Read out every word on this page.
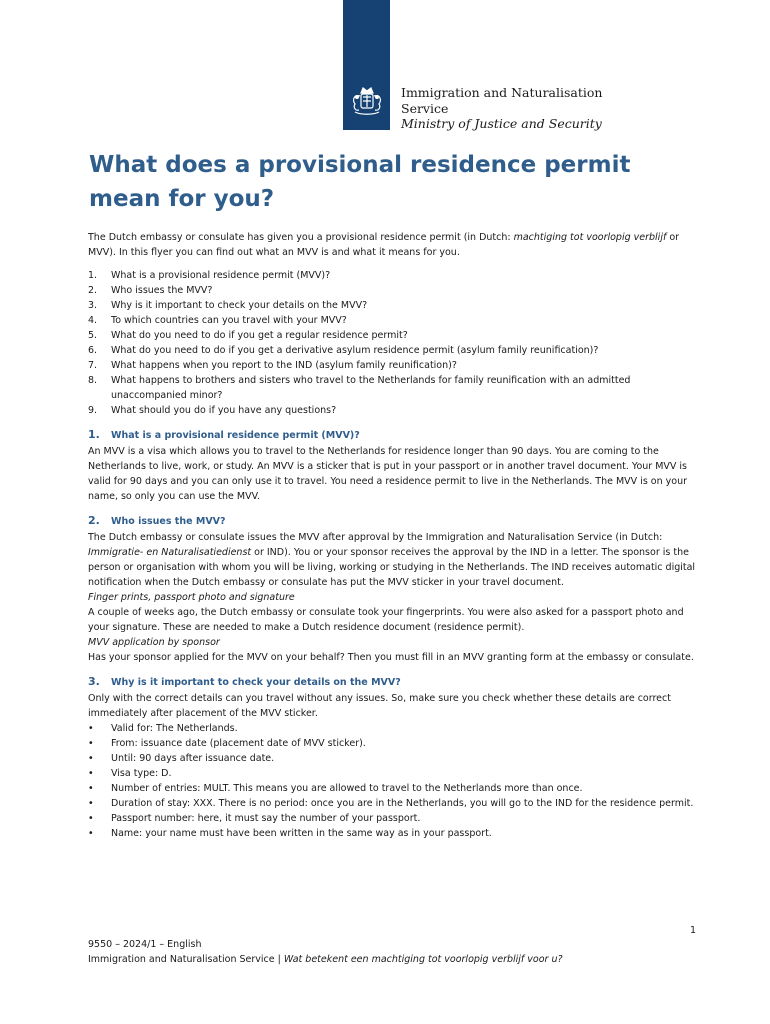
Immigration and Naturalisation
Service
Ministry of Justice and Security
What does a provisional residence permit mean for you?

The Dutch embassy or consulate has given you a provisional residence permit (in Dutch: machtiging tot voorlopig verblijf or MVV). In this flyer you can find out what an MVV is and what it means for you.

1. What is a provisional residence permit (MVV)?
2. Who issues the MVV?
3. Why is it important to check your details on the MVV?
4. To which countries can you travel with your MVV?
5. What do you need to do if you get a regular residence permit?
6. What do you need to do if you get a derivative asylum residence permit (asylum family reunification)?
7. What happens when you report to the IND (asylum family reunification)?
8. What happens to brothers and sisters who travel to the Netherlands for family reunification with an admitted unaccompanied minor?
9. What should you do if you have any questions?
1. What is a provisional residence permit (MVV)?

An MVV is a visa which allows you to travel to the Netherlands for residence longer than 90 days. You are coming to the Netherlands to live, work, or study. An MVV is a sticker that is put in your passport or in another travel document. Your MVV is valid for 90 days and you can only use it to travel. You need a residence permit to live in the Netherlands. The MVV is on your name, so only you can use the MVV.

2. Who issues the MVV?

The Dutch embassy or consulate issues the MVV after approval by the Immigration and Naturalisation Service (in Dutch: Immigratie- en Naturalisatiedienst or IND). You or your sponsor receives the approval by the IND in a letter. The sponsor is the person or organisation with whom you will be living, working or studying in the Netherlands. The IND receives automatic digital notification when the Dutch embassy or consulate has put the MVV sticker in your travel document.

Finger prints, passport photo and signature

A couple of weeks ago, the Dutch embassy or consulate took your fingerprints. You were also asked for a passport photo and your signature. These are needed to make a Dutch residence document (residence permit).

MVV application by sponsor

Has your sponsor applied for the MVV on your behalf? Then you must fill in an MVV granting form at the embassy or consulate.

3. Why is it important to check your details on the MVV?

Only with the correct details can you travel without any issues. So, make sure you check whether these details are correct immediately after placement of the MVV sticker.

• Valid for: The Netherlands.
• From: issuance date (placement date of MVV sticker).
• Until: 90 days after issuance date.
• Visa type: D.
• Number of entries: MULT. This means you are allowed to travel to the Netherlands more than once.
• Duration of stay: XXX. There is no period: once you are in the Netherlands, you will go to the IND for the residence permit.
• Passport number: here, it must say the number of your passport.
• Name: your name must have been written in the same way as in your passport.
1
9550 – 2024/1 – English
Immigration and Naturalisation Service | Wat betekent een machtiging tot voorlopig verblijf voor u?
